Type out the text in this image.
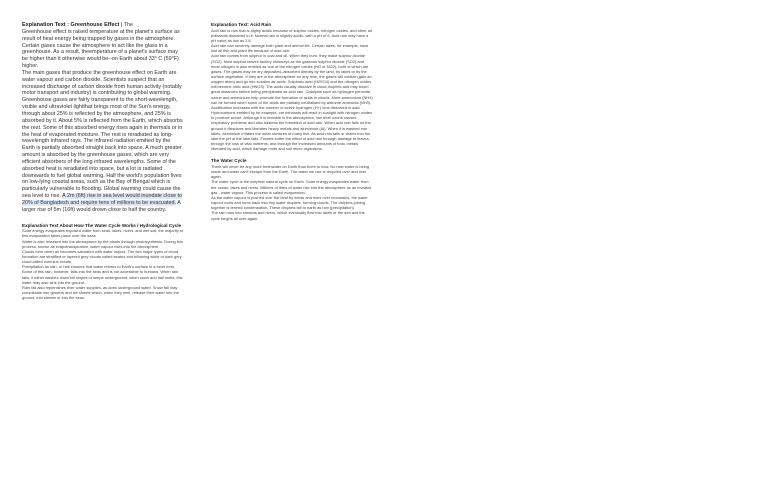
Explanation Text : Greenhouse Effect | The

Greenhouse effect is raised temperature at the planet's surface as result of heat energy being trapped by gases in the atmosphere. Certain gases cause the atmosphere to act like the glass in a greenhouse. As a result, theemperature of a planet's surface may be higher than it otherwise would be--on Earth about 33° C (59°F) higher.

The main gases that produce the greenhouse effect on Earth are water vapour and carbon dioxide. Scientists suspect that an increased discharge of carbon dioxide from human activity (notably motor transport and industry) is contributing to global warming.

Greenhouse gases are fairly transparent to the short-wavelength, visible and ultraviolet lightthat brings most of the Sun's energy, through about 25% is reflected by the atmosphere, and 25% is absorbed by it. About 5% is reflected from the Earth, which absorbs the rest. Some of this absorbed energy rises again in thermals or in the heat of evaporated moisture. The rest is reradiated as long-wavelength infrared rays. The infrared radiation emitted by the Earth is partially absorbed straight back into space. A much greater amount is absorbed by the greenhouse gases, which are very efficient absorbers of the long infrared wavelengths. Some of the absorbed heat is reradiated into space, but a lot is radiated downwards to fuel global warming. Half the world's population lives on low-lying coastal areas, such as the Bay of Bengal which is particularly vulnerable to flooding. Global warming could cause the sea level to rise. A 2m (6ft) rise in sea level would inundate close to 20% of Bangladesh and require tens of millions to be evacuated. A larger rise of 5m (16ft) would drown close to half the country.

Explanation Text About How The Water Cycle Works / Hydrological Cycle

Solar energy evaporates exposed water from seas, lakes, rivers, and wet soil; the majority of this evaporation takes place over the seas.

Water is also released into the atmosphere by the plants through photosynthesis. During this process, known as evapotranspiration, water vapour rises into the atmosphere.

Clouds form when air becomes saturated with water vapour. The two major types of cloud formation are stratified or layered grey clouds called stratus and billowing white or dark grey cloud called cumulus clouds.

Precipitation as rain, or hail ensures that water returns to Earth's surface in a fresh form. Some of this rain, however, falls into the seas and is not accessible to humans. When rain falls, it either washes down hill slopes or seeps underground; when snow and hail melts, this water may also sink into the ground.

Rain fall also replenishes river water supplies, as does underground water. Snow fall may consolidate into glaciers and ice sheets which, when they melt, release their water into the ground, into stream or into the seas.

Explanation Text: Acid Rain

Acid rain is rain that is highly acidic because of sulphur oxides, nitrogen oxides, and other air pollutants dissolved in it. Normal rain is slightly acidic, with a pH of 6. Acid rain may have a pH value as low as 2.8.

Acid rain can severely damage both plant and animal life. Certain lakes, for example, have lost all fish and plant life because of acid rain.

Acid rain comes from sulphur in coal and oil. When they burn, they make sulphur dioxide (SO2). Most sulphur leaves factory chimneys as the gaseous sulphur dioxide (SO2) and most nitrogen is also emitted as one of the nitrogen oxides (NO or NO2), both of which are gases. The gases may be dry deposited--absorbed directly by the land, by lakes or by the surface vegetation. If they are in the atmosphere for any time, the gases will oxidize (gain an oxygen atom) and go into solution as acids. Sulphuric acid (H2SO4) and the nitrogen oxides will become nitric acid (HNO3). The acids usually dissolve in cloud droplets and may travel great distances before being precipitated as acid rain. Catalysts such as hydrogen peroxide, ozone and ammonium help promote the formation of acids in clouds. More ammonium (NH4) can be formed when some of the acids are partially neutralised by airborne ammonia (NH3). Acidification increases with the number of active hydrogen (H+) ions dissolved in acid. Hydrocarbons emitted by for example, car exhausts will react in sunlight with nitrogen oxides to produce ozone. Although it is invisible in the atmosphere, low level ozone causes respiratory problems and also hastens the formation of acid rain. When acid rain falls on the ground it dissolves and liberates heavy metals and aluminium (Al). When it is washed into lakes, aluminium irritates the outer surfaces of many fish. As acid rain falls or drains into the lake the pH of the lake falls. Forests suffer the effect of acid rain through damage to leaves, through the loss of vital nutrients, and through the increased amounts of toxic metals liberated by acid, which damage roots and soil micro organisms.

The Water Cycle

There will never be any more freshwater on Earth than there is now. No new water is being made and water can't escape from the Earth. The water we use is recycled over and over again.

The water cycle is the simplest natural cycle on Earth. Solar energy evaporates water from the ocean, lakes and rivers. Millions of litres of water rise into the atmosphere as an invisible gas - water vapour. This process is called evaporation.

As the water vapour is pushed over the land by winds and rises over mountains, the water vapour cools and turns back into tiny water droplets, forming clouds. The droplets joining together is termed condensation. These droplets fall to earth as rain (precipitation).

The rain runs into streams and rivers, which eventually flow into lakes or the sea and the cycle begins all over again.
